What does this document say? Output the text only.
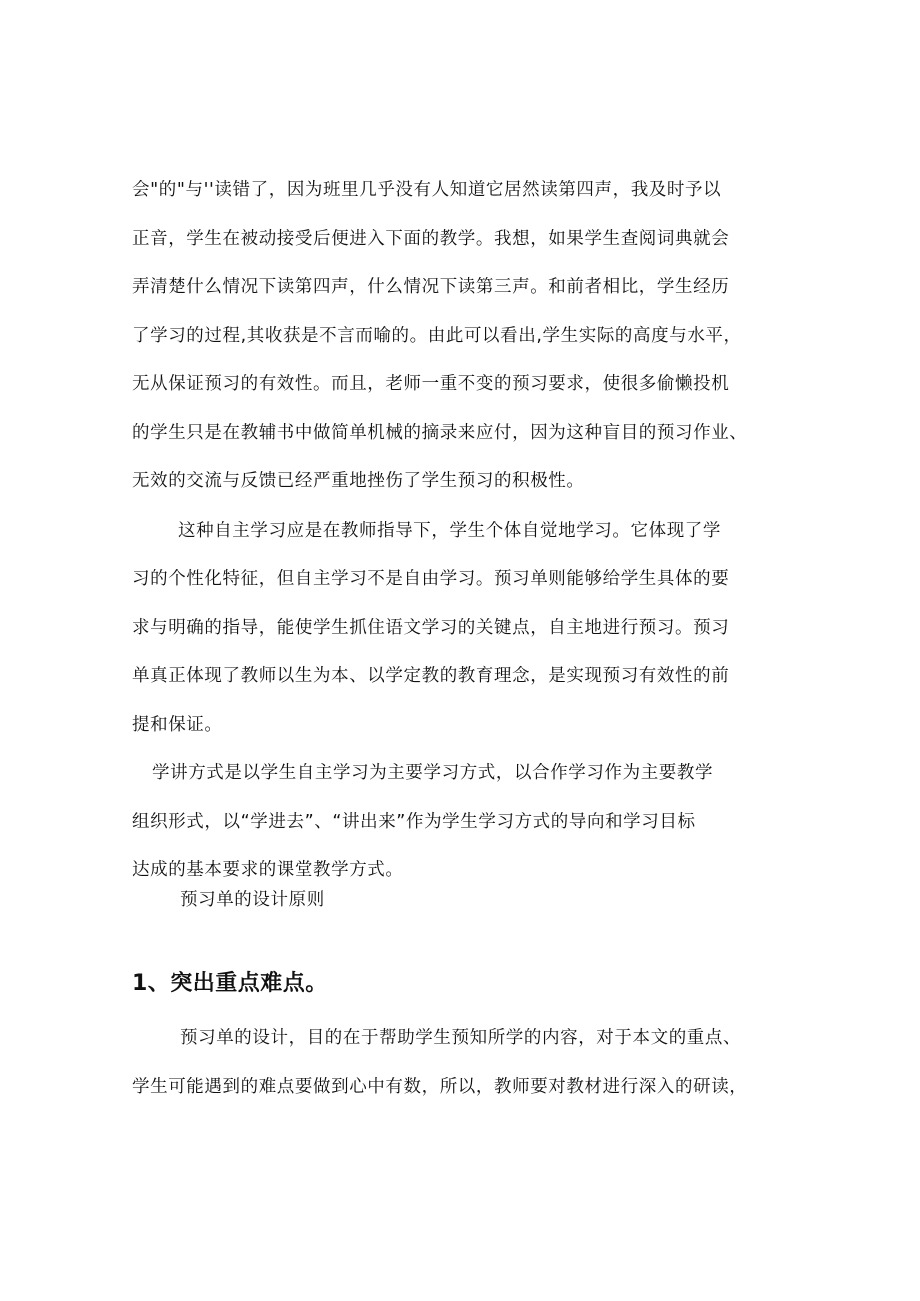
会"的"与''读错了，因为班里几乎没有人知道它居然读第四声，我及时予以
正音，学生在被动接受后便进入下面的教学。我想，如果学生查阅词典就会
弄清楚什么情况下读第四声，什么情况下读第三声。和前者相比，学生经历
了学习的过程,其收获是不言而喻的。由此可以看出,学生实际的高度与水平，
无从保证预习的有效性。而且，老师一重不变的预习要求，使很多偷懒投机
的学生只是在教辅书中做简单机械的摘录来应付，因为这种盲目的预习作业、
无效的交流与反馈已经严重地挫伤了学生预习的积极性。
这种自主学习应是在教师指导下，学生个体自觉地学习。它体现了学
习的个性化特征，但自主学习不是自由学习。预习单则能够给学生具体的要
求与明确的指导，能使学生抓住语文学习的关键点，自主地进行预习。预习
单真正体现了教师以生为本、以学定教的教育理念，是实现预习有效性的前
提和保证。
学讲方式是以学生自主学习为主要学习方式，以合作学习作为主要教学
组织形式，以“学进去”、“讲出来”作为学生学习方式的导向和学习目标
达成的基本要求的课堂教学方式。
预习单的设计原则
1、突出重点难点。
预习单的设计，目的在于帮助学生预知所学的内容，对于本文的重点、
学生可能遇到的难点要做到心中有数，所以，教师要对教材进行深入的研读，
